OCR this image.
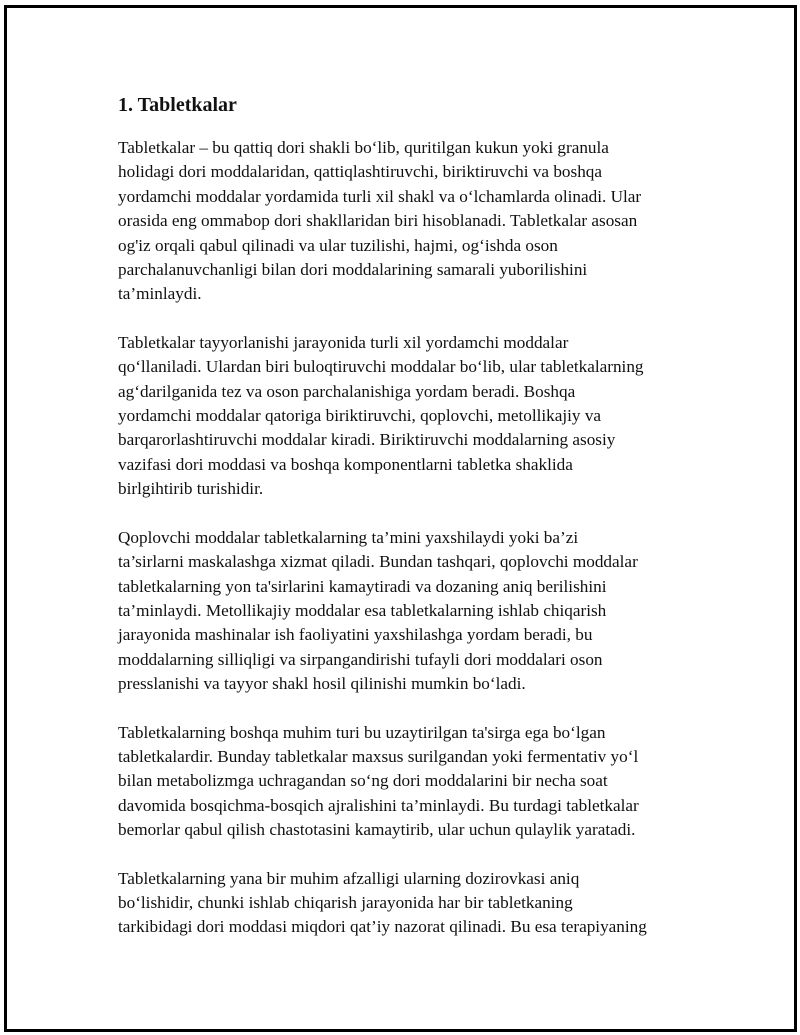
1. Tabletkalar

Tabletkalar – bu qattiq dori shakli bo‘lib, quritilgan kukun yoki granula
holidagi dori moddalaridan, qattiqlashtiruvchi, biriktiruvchi va boshqa
yordamchi moddalar yordamida turli xil shakl va o‘lchamlarda olinadi. Ular
orasida eng ommabop dori shakllaridan biri hisoblanadi. Tabletkalar asosan
og'iz orqali qabul qilinadi va ular tuzilishi, hajmi, og‘ishda oson
parchalanuvchanligi bilan dori moddalarining samarali yuborilishini
ta’minlaydi.

Tabletkalar tayyorlanishi jarayonida turli xil yordamchi moddalar
qo‘llaniladi. Ulardan biri buloqtiruvchi moddalar bo‘lib, ular tabletkalarning
ag‘darilganida tez va oson parchalanishiga yordam beradi. Boshqa
yordamchi moddalar qatoriga biriktiruvchi, qoplovchi, metollikajiy va
barqarorlashtiruvchi moddalar kiradi. Biriktiruvchi moddalarning asosiy
vazifasi dori moddasi va boshqa komponentlarni tabletka shaklida
birlgihtirib turishidir.

Qoplovchi moddalar tabletkalarning ta’mini yaxshilaydi yoki ba’zi
ta’sirlarni maskalashga xizmat qiladi. Bundan tashqari, qoplovchi moddalar
tabletkalarning yon ta'sirlarini kamaytiradi va dozaning aniq berilishini
ta’minlaydi. Metollikajiy moddalar esa tabletkalarning ishlab chiqarish
jarayonida mashinalar ish faoliyatini yaxshilashga yordam beradi, bu
moddalarning silliqligi va sirpangandirishi tufayli dori moddalari oson
presslanishi va tayyor shakl hosil qilinishi mumkin bo‘ladi.

Tabletkalarning boshqa muhim turi bu uzaytirilgan ta'sirga ega bo‘lgan
tabletkalardir. Bunday tabletkalar maxsus surilgandan yoki fermentativ yo‘l
bilan metabolizmga uchragandan so‘ng dori moddalarini bir necha soat
davomida bosqichma-bosqich ajralishini ta’minlaydi. Bu turdagi tabletkalar
bemorlar qabul qilish chastotasini kamaytirib, ular uchun qulaylik yaratadi.

Tabletkalarning yana bir muhim afzalligi ularning dozirovkasi aniq
bo‘lishidir, chunki ishlab chiqarish jarayonida har bir tabletkaning
tarkibidagi dori moddasi miqdori qat’iy nazorat qilinadi. Bu esa terapiyaning
